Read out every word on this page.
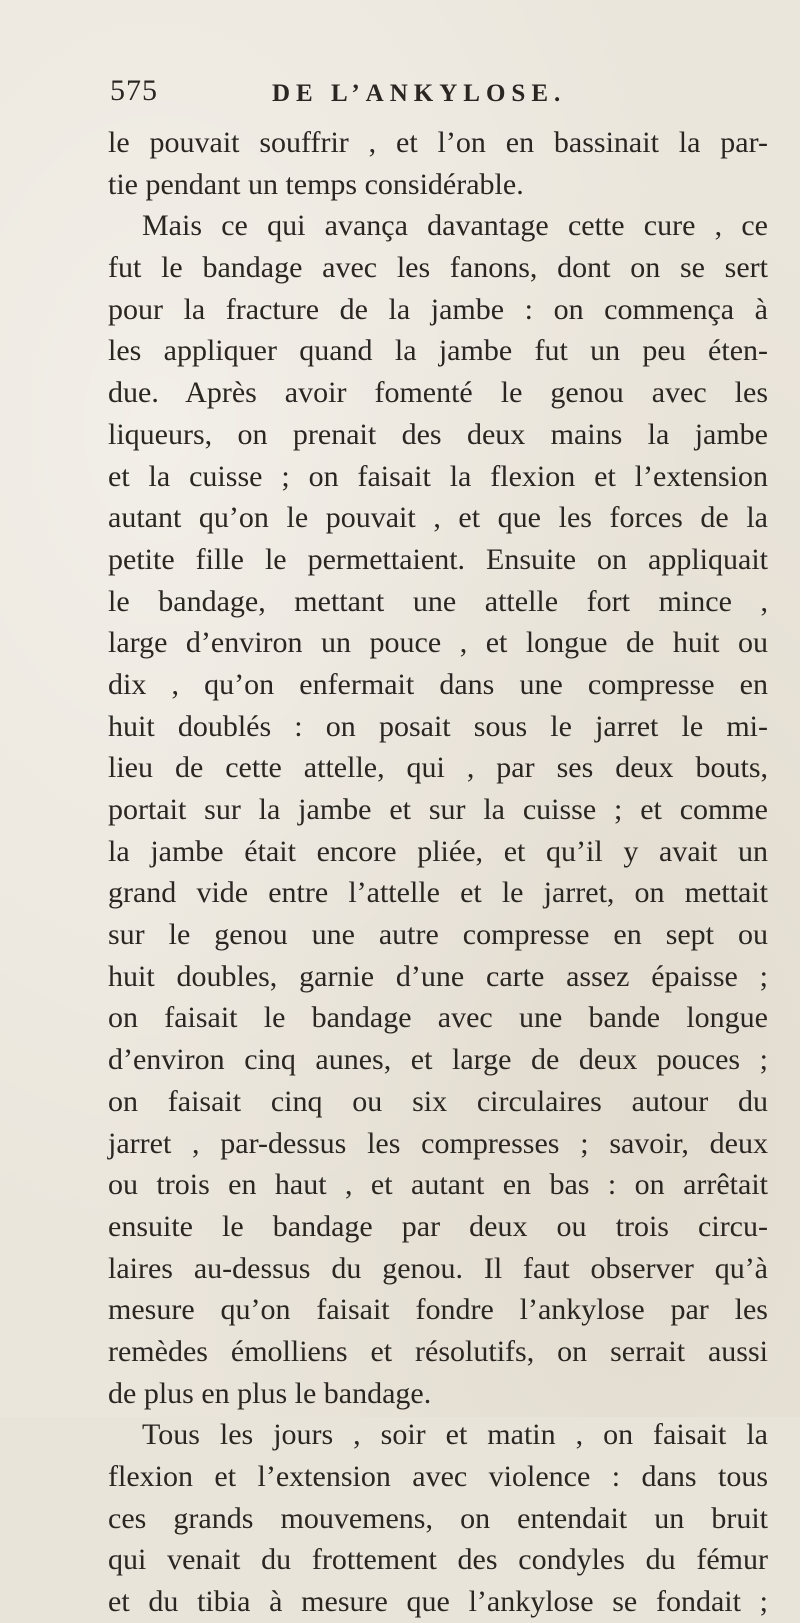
575	DE L’ANKYLOSE.
le pouvait souffrir , et l’on en bassinait la par-
tie pendant un temps considérable.
Mais ce qui avança davantage cette cure , ce
fut le bandage avec les fanons, dont on se sert
pour la fracture de la jambe : on commença à
les appliquer quand la jambe fut un peu éten-
due. Après avoir fomenté le genou avec les
liqueurs, on prenait des deux mains la jambe
et la cuisse ; on faisait la flexion et l’extension
autant qu’on le pouvait , et que les forces de la
petite fille le permettaient. Ensuite on appliquait
le bandage, mettant une attelle fort mince ,
large d’environ un pouce , et longue de huit ou
dix , qu’on enfermait dans une compresse en
huit doublés : on posait sous le jarret le mi-
lieu de cette attelle, qui , par ses deux bouts,
portait sur la jambe et sur la cuisse ; et comme
la jambe était encore pliée, et qu’il y avait un
grand vide entre l’attelle et le jarret, on mettait
sur le genou une autre compresse en sept ou
huit doubles, garnie d’une carte assez épaisse ;
on faisait le bandage avec une bande longue
d’environ cinq aunes, et large de deux pouces ;
on faisait cinq ou six circulaires autour du
jarret , par-dessus les compresses ; savoir, deux
ou trois en haut , et autant en bas : on arrêtait
ensuite le bandage par deux ou trois circu-
laires au-dessus du genou. Il faut observer qu’à
mesure qu’on faisait fondre l’ankylose par les
remèdes émolliens et résolutifs, on serrait aussi
de plus en plus le bandage.
Tous les jours , soir et matin , on faisait la
flexion et l’extension avec violence : dans tous
ces grands mouvemens, on entendait un bruit
qui venait du frottement des condyles du fémur
et du tibia à mesure que l’ankylose se fondait ;
